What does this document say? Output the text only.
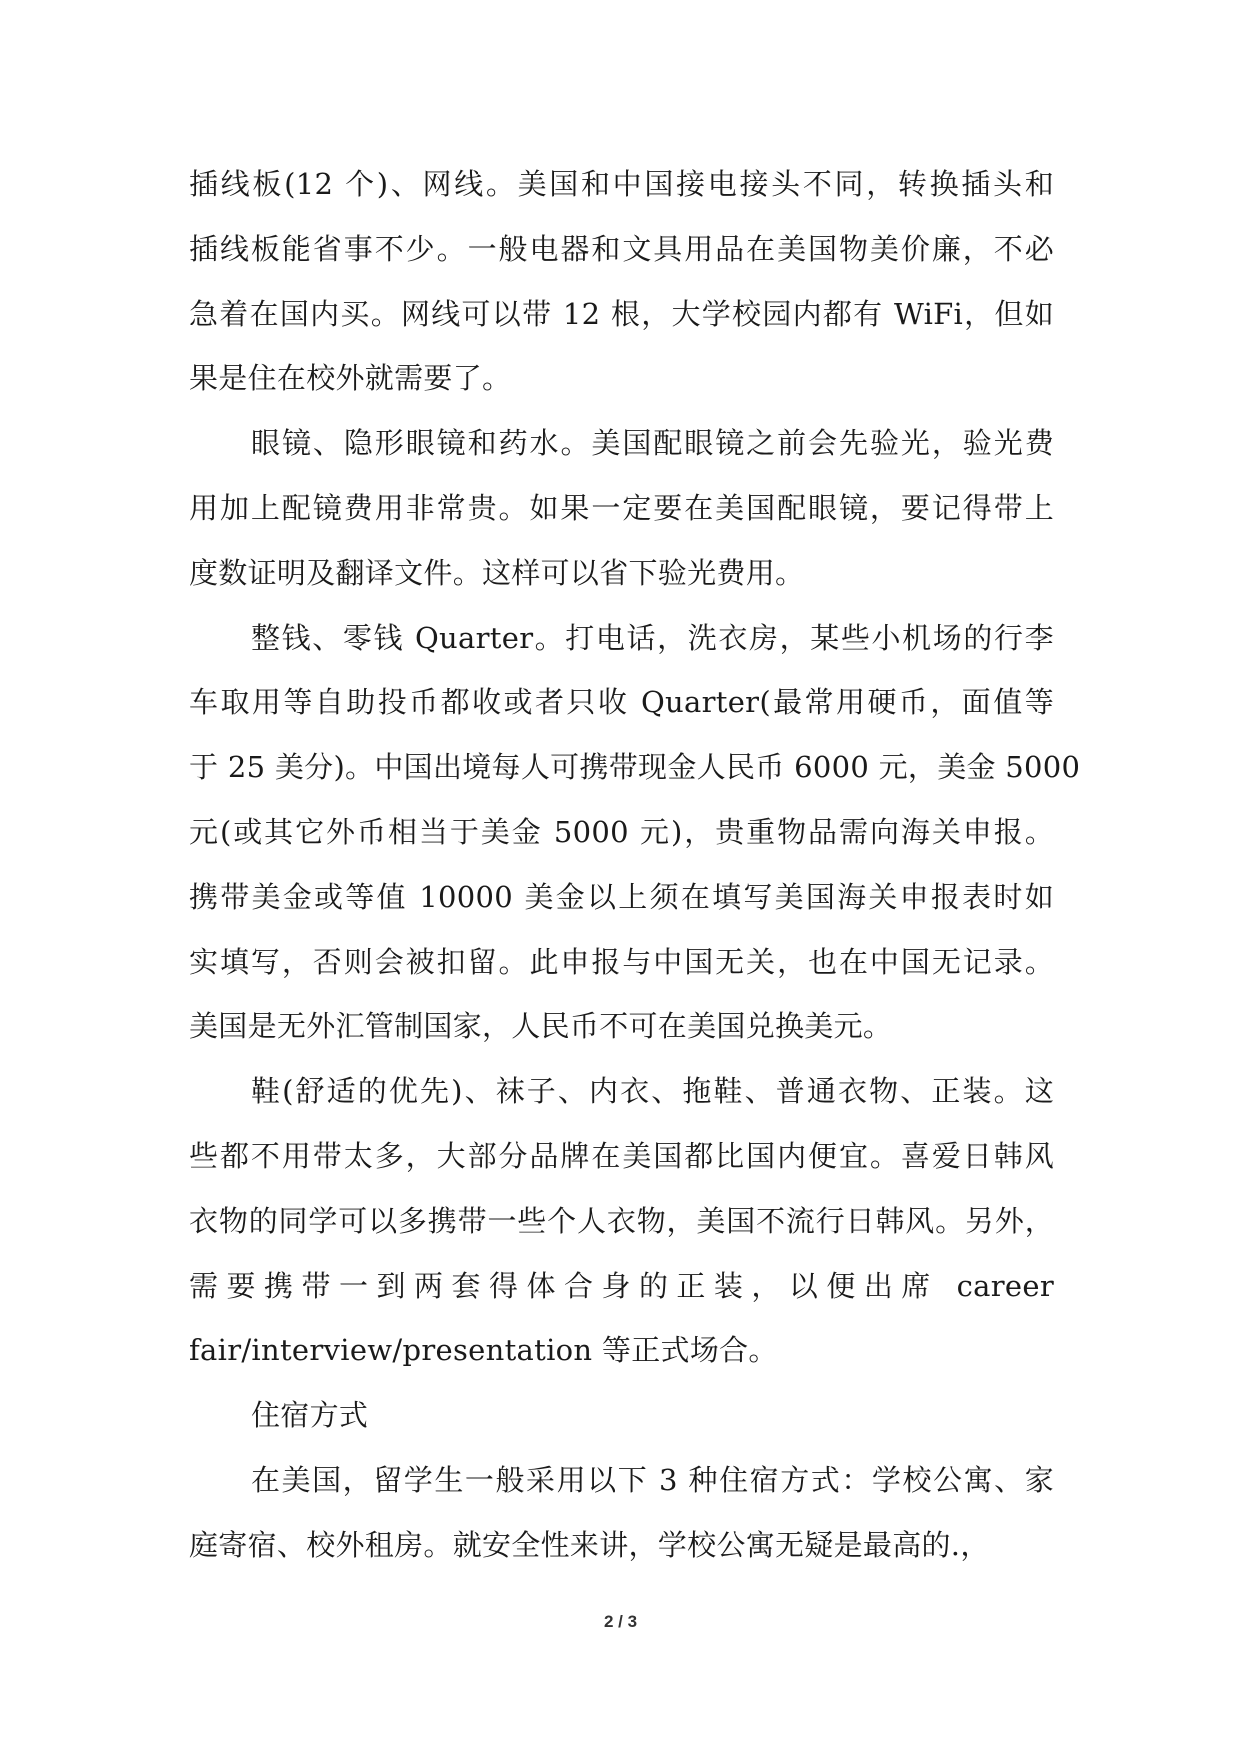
插线板(12 个)、网线。美国和中国接电接头不同，转换插头和
插线板能省事不少。一般电器和文具用品在美国物美价廉，不必
急着在国内买。网线可以带 12 根，大学校园内都有 WiFi，但如
果是住在校外就需要了。
眼镜、隐形眼镜和药水。美国配眼镜之前会先验光，验光费
用加上配镜费用非常贵。如果一定要在美国配眼镜，要记得带上
度数证明及翻译文件。这样可以省下验光费用。
整钱、零钱 Quarter。打电话，洗衣房，某些小机场的行李
车取用等自助投币都收或者只收 Quarter(最常用硬币，面值等
于 25 美分)。中国出境每人可携带现金人民币 6000 元，美金 5000
元(或其它外币相当于美金 5000 元)，贵重物品需向海关申报。
携带美金或等值 10000 美金以上须在填写美国海关申报表时如
实填写，否则会被扣留。此申报与中国无关，也在中国无记录。
美国是无外汇管制国家，人民币不可在美国兑换美元。
鞋(舒适的优先)、袜子、内衣、拖鞋、普通衣物、正装。这
些都不用带太多，大部分品牌在美国都比国内便宜。喜爱日韩风
衣物的同学可以多携带一些个人衣物，美国不流行日韩风。另外，
需要携带一到两套得体合身的正装，以便出席 career
fair/interview/presentation 等正式场合。
住宿方式
在美国，留学生一般采用以下 3 种住宿方式：学校公寓、家
庭寄宿、校外租房。就安全性来讲，学校公寓无疑是最高的.，
2 / 3
